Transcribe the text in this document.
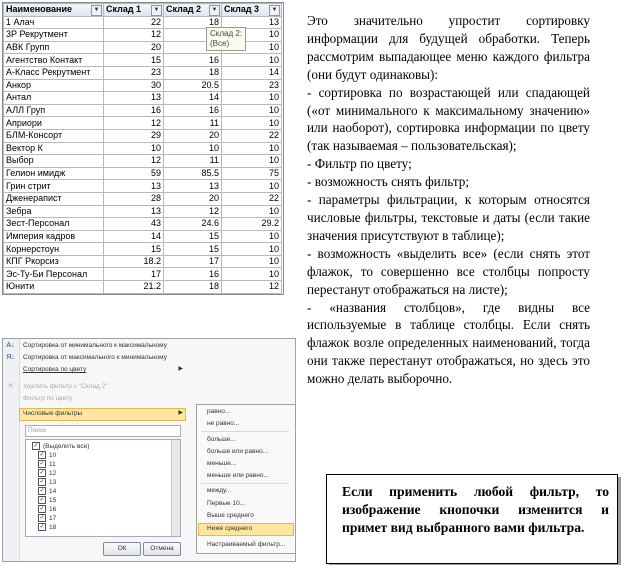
Наименование ▼	Склад 1 ▼	Склад 2 ▼	Склад 3 ▼

1 Алач	22	18	13
3Р Рекрутмент	12		10
АВК Групп	20		10
Агентство Контакт	15	16	10
А-Класс Рекрутмент	23	18	14
Анкор	30	20.5	23
Антал	13	14	10
АЛЛ Груп	16	16	10
Априори	12	11	10
БЛМ-Консорт	29	20	22
Вектор К	10	10	10
Выбор	12	11	10
Гелион имидж	59	85.5	75
Грин стрит	13	13	10
Дженерапист	28	20	22
Зебра	13	12	10
Зест-Персонал	43	24.6	29.2
Империя кадров	14	15	10
Корнерстоун	15	15	10
КПГ Ркорсиз	18.2	17	10
Эс-Ту-Би Персонал	17	16	10
Юнити	21.2	18	12
Склад 2:
(Все)

Это значительно упростит сортировку информации для будущей обработки. Теперь рассмотрим выпадающее меню каждого фильтра (они будут одинаковы):

- сортировка по возрастающей или спадающей («от минимального к максимальному значению» или наоборот), сортировка информации по цвету (так называемая – пользовательская);

- Фильтр по цвету;

- возможность снять фильтр;

- параметры фильтрации, к которым относятся числовые фильтры, текстовые и даты (если такие значения присутствуют в таблице);

- возможность «выделить все» (если снять этот флажок, то совершенно все столбцы попросту перестанут отображаться на листе);

- «названия столбцов», где видны все используемые в таблице столбцы. Если снять флажок возле определенных наименований, тогда они также перестанут отображаться, но здесь это можно делать выборочно.

A↓ Сортировка от минимального к максимальному
Я↓ Сортировка от максимального к минимальному
Сортировка по цвету	▶
✕ Удалить фильтр с "Склад 2"
Фильтр по цвету
Числовые фильтры	▶
Поиск
✓ (Выделить все)
✓ 10
✓ 11
✓ 12
✓ 13
✓ 14
✓ 15
✓ 16
✓ 17
✓ 18
ОК	Отмена
равно...
не равно...
больше...
больше или равно...
меньше...
меньше или равно...
между...
Первые 10...
Выше среднего
Ниже среднего
Настраиваемый фильтр...

Если применить любой фильтр, то изображение кнопочки изменится и примет вид выбранного вами фильтра.
